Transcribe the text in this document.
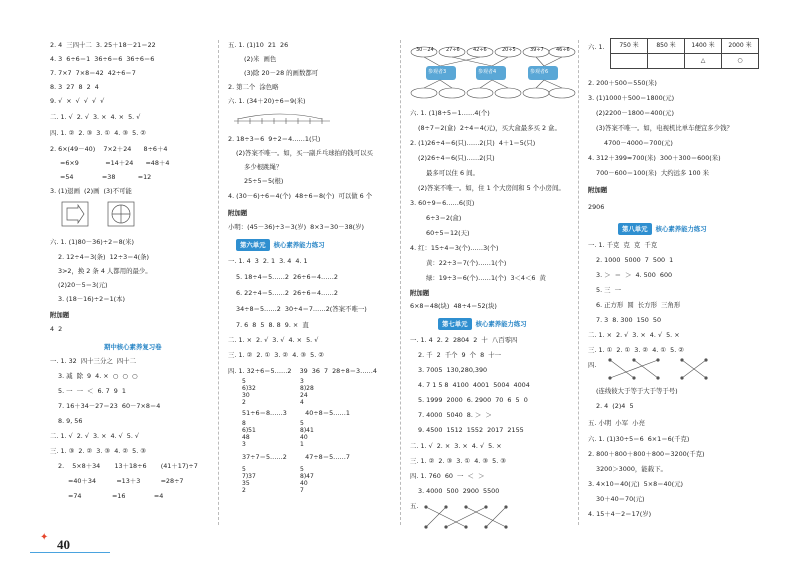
2. 4  三四十二  3. 25＋18－21＝22
4. 3  6÷6＝1  36÷6＝6  36÷6＝6
7. 7×7  7×8＝42  42÷6＝7
8. 3  27  8  2  4
9. √  ×  √  √  √  √
二. 1. √  2. √  3. ×  4. ×  5. √
四. 1. ②  2. ③  3. ①  4. ③  5. ②
2. 6×(49－40)    7×2＋24      8÷6＋4
=6×9             =14＋24      =48＋4
=54              =38           =12
3. (1)退画  (2)画  (3)不可能
六. 1. (1)80－36)÷2＝8(米)
2. 12÷4＝3(条)  12÷3＝4(条)
3>2，换 2 条 4 人都用的最少。
(2)20－5＝3(元)
3. (18－16)÷2＝1(本)
附加题
4  2
期中核心素养复习卷
一. 1. 32  四十三分之  四十二
3. 减  除  9  4. ×  ○  ○  ○
5. 一  一  ＜  6. 7  9  1
7. 16＋34－27＝23  60－7×8＝4
8. 9, 56
二. 1. √  2. √  3. ×  4. √  5. √
三. 1. ③  2. ②  3. ③  4. ②  5. ③
2.    5×8＋34       13＋18÷6       (41＋17)÷7
=40＋34          =13＋3          =28÷7
=74               =16              =4
五. 1. (1)10  21  26
(2)米  画色
(3)除 20－28 的画数都可
2. 第二个  涂色略
六. 1. (34＋20)÷6＝9(米)
2. 18÷3＝6  9÷2＝4……1(只)
(2)答案不唯一。如，买一副乒乓球拍的钱可以买
多少根跳绳？
25÷5＝5(根)
4. (30－6)÷6＝4(个)  48÷6＝8(个)  可以做 6 个
附加题
小明：(45－36)÷3＝3(岁)  8×3＝30－38(岁)
第六单元 核心素养能力练习
一. 1. 4  3  2. 1  3. 4  4. 1
5. 18÷4＝5……2  26÷6＝4……2
6. 22÷4＝5……2  26÷6＝4……2
34÷8＝5……2  30÷4＝7……2(答案不唯一)
7. 6  8  5  8. 8  9. ×  直
二. 1. ×  2. √  3. √  4. ×  5. √
三. 1. ②  2. ①  3. ②  4. ③  5. ②
四. 1. 32÷6＝5……2    39  36  7  28÷8＝3……4
5
6)32
30
2
3
8)28
24
4
51÷6＝8……3         40÷8＝5……1
8
6)51
48
3
5
8)41
40
1
37÷7＝5……2         47÷8＝5……7
5
7)37
35
2
5
8)47
40
7
30－24 27÷6	42÷6	20÷5	39÷7 46÷6
参观者3	参观者4	参观者6
六. 1. (1)8÷5＝1……4(个)
(8÷7＝2(盒)  2÷4＝4(元)，买大盒最多买 2 盒。
2. (1)26÷4＝6(只)……2(只)  4＋1＝5(只)
(2)26÷4＝6(只)……2(只)
最多可以住 6 间。
(2)答案不唯一。如，住 1 个大房间和 5 个小房间。
3. 60÷9＝6……6(页)
6÷3＝2(盒)
60÷5＝12(天)
4. 红：15÷4＝3(个)……3(个)
黄：22÷3＝7(个)……1(个)
绿：19÷3＝6(个)……1(个)  3＜4＜6  黄
附加题
6×8＝48(块)  48÷4＝52(块)
第七单元 核心素养能力练习
一. 1. 4  2. 2  2804  2  十  八百零四
2. 千  2  千个  9  个  8  十一
3. 7005  130,280,390
4. 7 1 5 8  4100  4001  5004  4004
5. 1999  2000  6. 2900  70  6  5  0
7. 4000  5040  8. ＞  ＞
9. 4500  1512  1552  2017  2155
二. 1. √  2. ×  3. ×  4. √  5. ×
三. 1. ②  2. ③  3. ①  4. ③  5. ③
四. 1. 760  60  一  ＜  ＞
3. 4000  500  2900  5500
五.
六. 1. 750 米	850 米	1400 米	2000 米
		△	○
2. 200＋500＝550(米)
3. (1)1000＋500＝1800(元)
(2)2200－1800＝400(元)
(3)答案不唯一。如，电视机比单车便宜多少钱？
4700－4000＝700(元)
4. 312＋399≈700(米)  300＋300＝600(米)
700－600＝100(米)  大约远多 100 米
附加题
2906
第八单元 核心素养能力练习
一. 1. 千克  克  克  千克
2. 1000  5000  7  500  1
3. ＞  ＝  ＞  4. 500  600
5. 三  一
6. 正方形  圆  长方形  三角形
7. 3  8. 300  150  50
二. 1. ×  2. √  3. ×  4. √  5. ×
三. 1. ①  2. ①  3. ②  4. ①  5. ②
四.
(连线彼大于等于大于等于号)
2. 4  (2)4  5
五. 小明  小军  小亮
六. 1. (1)30÷5＝6  6×1＝6(千克)
2. 800＋800＋800＋800＝3200(千克)
3200＞3000，能载下。
3. 4×10＝40(元)  5×8＝40(元)
30＋40＝70(元)
4. 15＋4－2＝17(岁)
✦ 40
